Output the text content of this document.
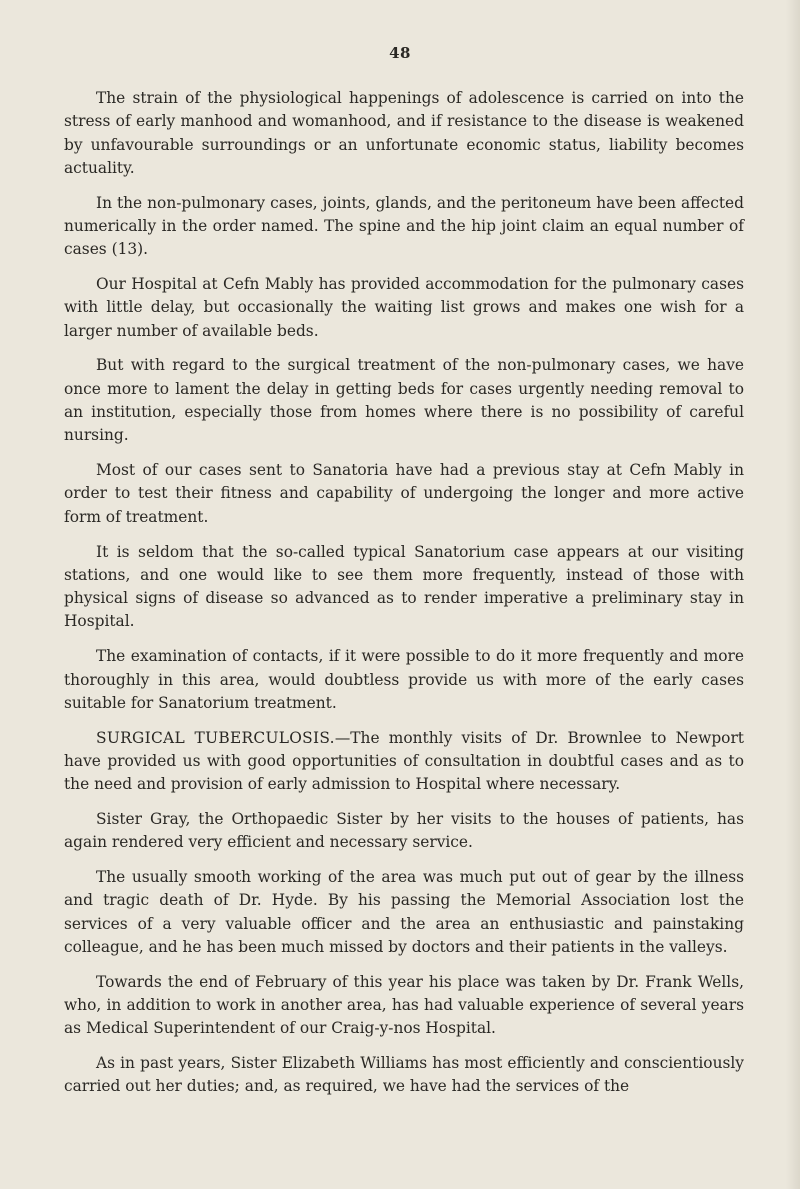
48

The strain of the physiological happenings of adolescence is carried on into the stress of early manhood and womanhood, and if resistance to the disease is weakened by unfavourable surroundings or an unfortunate economic status, liability becomes actuality.

In the non-pulmonary cases, joints, glands, and the peritoneum have been affected numerically in the order named. The spine and the hip joint claim an equal number of cases (13).

Our Hospital at Cefn Mably has provided accommodation for the pulmonary cases with little delay, but occasionally the waiting list grows and makes one wish for a larger number of available beds.

But with regard to the surgical treatment of the non-pulmonary cases, we have once more to lament the delay in getting beds for cases urgently needing removal to an institution, especially those from homes where there is no possibility of careful nursing.

Most of our cases sent to Sanatoria have had a previous stay at Cefn Mably in order to test their fitness and capability of undergoing the longer and more active form of treatment.

It is seldom that the so-called typical Sanatorium case appears at our visiting stations, and one would like to see them more frequently, instead of those with physical signs of disease so advanced as to render imperative a preliminary stay in Hospital.

The examination of contacts, if it were possible to do it more frequently and more thoroughly in this area, would doubtless provide us with more of the early cases suitable for Sanatorium treatment.

SURGICAL TUBERCULOSIS.—The monthly visits of Dr. Brownlee to Newport have provided us with good opportunities of consultation in doubtful cases and as to the need and provision of early admission to Hospital where necessary.

Sister Gray, the Orthopaedic Sister by her visits to the houses of patients, has again rendered very efficient and necessary service.

The usually smooth working of the area was much put out of gear by the illness and tragic death of Dr. Hyde. By his passing the Memorial Association lost the services of a very valuable officer and the area an enthusiastic and painstaking colleague, and he has been much missed by doctors and their patients in the valleys.

Towards the end of February of this year his place was taken by Dr. Frank Wells, who, in addition to work in another area, has had valuable experience of several years as Medical Superintendent of our Craig-y-nos Hospital.

As in past years, Sister Elizabeth Williams has most efficiently and conscientiously carried out her duties; and, as required, we have had the services of the
